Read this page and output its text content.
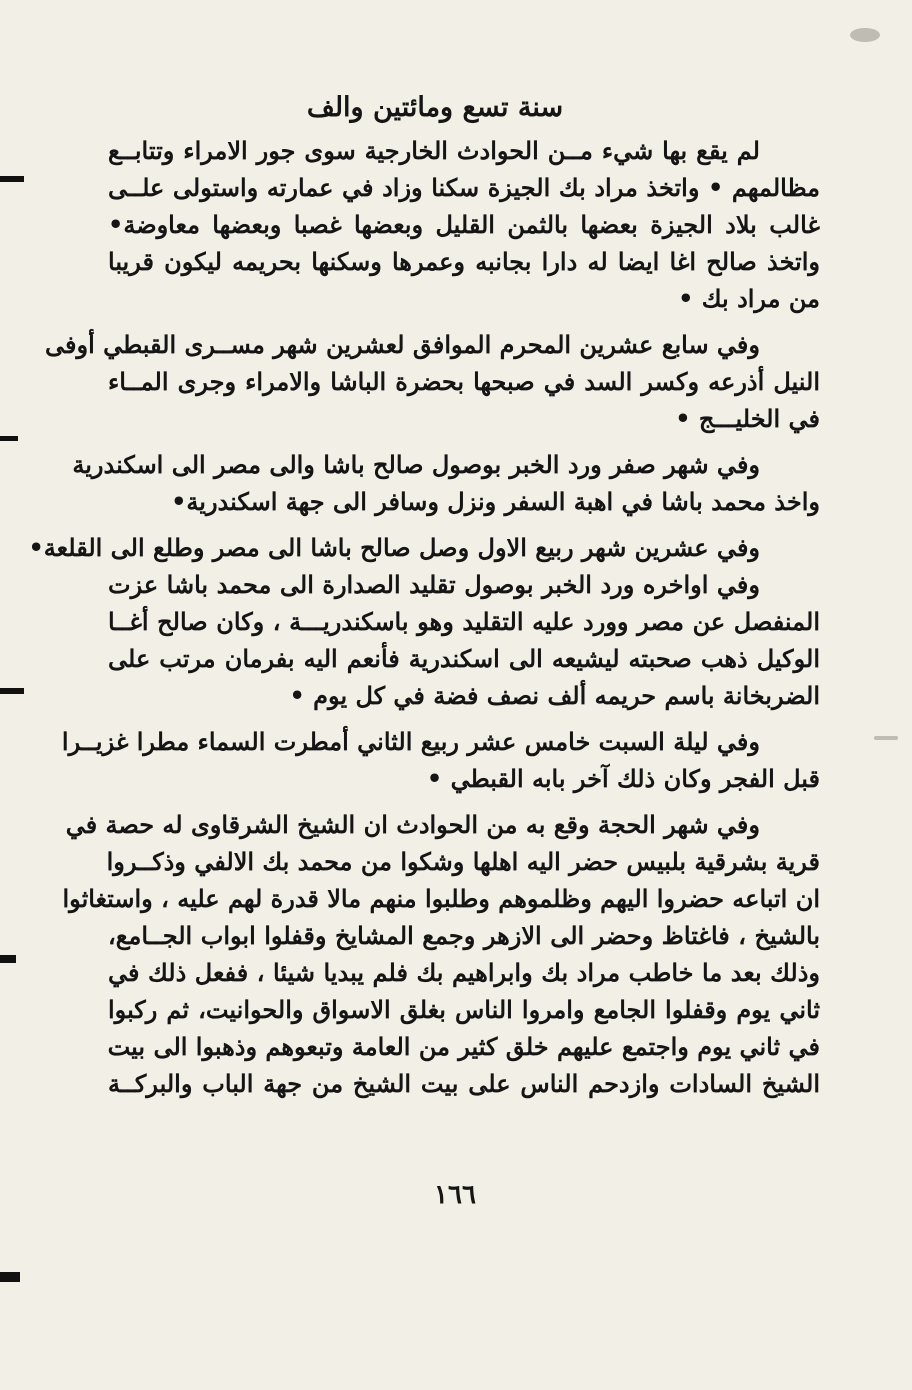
سنة تسع ومائتين والف
لم يقع بها شيء مــن الحوادث الخارجية سوى جور الامراء وتتابــع
مظالمهم • واتخذ مراد بك الجيزة سكنا وزاد في عمارته واستولى علــى
غالب بلاد الجيزة بعضها بالثمن القليل وبعضها غصبا وبعضها معاوضة•
واتخذ صالح اغا ايضا له دارا بجانبه وعمرها وسكنها بحريمه ليكون قريبا
من مراد بك •
وفي سابع عشرين المحرم الموافق لعشرين شهر مســرى القبطي أوفى
النيل أذرعه وكسر السد في صبحها بحضرة الباشا والامراء وجرى المــاء
في الخليـــج •
وفي شهر صفر ورد الخبر بوصول صالح باشا والى مصر الى اسكندرية
واخذ محمد باشا في اهبة السفر ونزل وسافر الى جهة اسكندرية•
وفي عشرين شهر ربيع الاول وصل صالح باشا الى مصر وطلع الى القلعة•
وفي اواخره ورد الخبر بوصول تقليد الصدارة الى محمد باشا عزت
المنفصل عن مصر وورد عليه التقليد وهو باسكندريـــة ، وكان صالح أغــا
الوكيل ذهب صحبته ليشيعه الى اسكندرية فأنعم اليه بفرمان مرتب على
الضربخانة باسم حريمه ألف نصف فضة في كل يوم •
وفي ليلة السبت خامس عشر ربيع الثاني أمطرت السماء مطرا غزيــرا
قبل الفجر وكان ذلك آخر بابه القبطي •
وفي شهر الحجة وقع به من الحوادث ان الشيخ الشرقاوى له حصة في
قرية بشرقية بلبيس حضر اليه اهلها وشكوا من محمد بك الالفي وذكــروا
ان اتباعه حضروا اليهم وظلموهم وطلبوا منهم مالا قدرة لهم عليه ، واستغاثوا
بالشيخ ، فاغتاظ وحضر الى الازهر وجمع المشايخ وقفلوا ابواب الجــامع،
وذلك بعد ما خاطب مراد بك وابراهيم بك فلم يبديا شيئا ، ففعل ذلك في
ثاني يوم وقفلوا الجامع وامروا الناس بغلق الاسواق والحوانيت، ثم ركبوا
في ثاني يوم واجتمع عليهم خلق كثير من العامة وتبعوهم وذهبوا الى بيت
الشيخ السادات وازدحم الناس على بيت الشيخ من جهة الباب والبركــة
١٦٦
